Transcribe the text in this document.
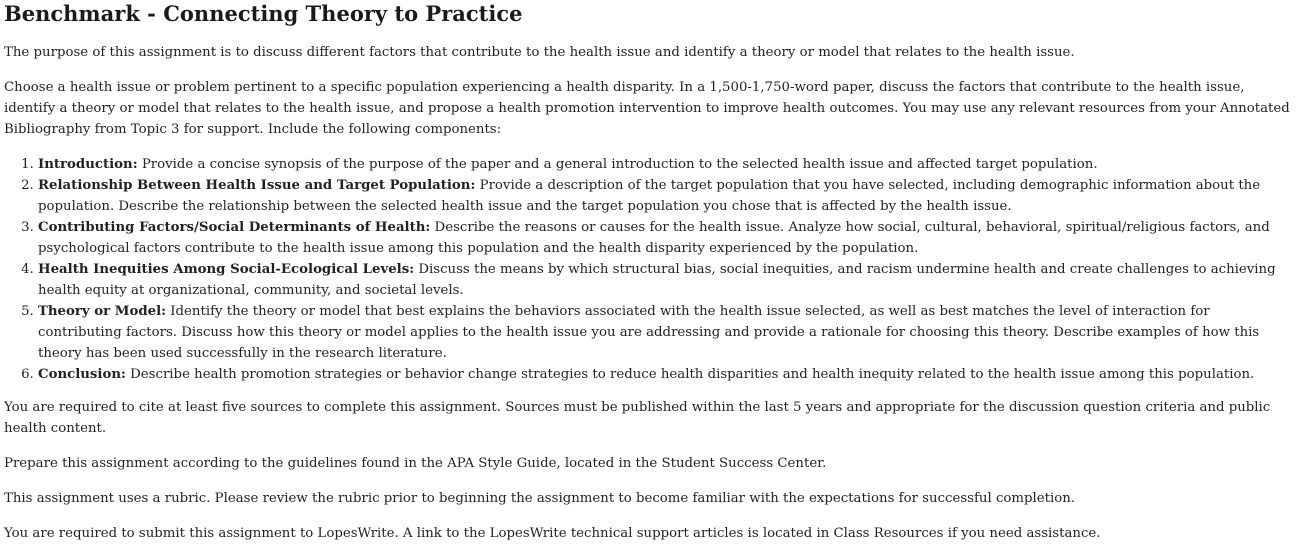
Benchmark - Connecting Theory to Practice

The purpose of this assignment is to discuss different factors that contribute to the health issue and identify a theory or model that relates to the health issue.

Choose a health issue or problem pertinent to a specific population experiencing a health disparity. In a 1,500-1,750-word paper, discuss the factors that contribute to the health issue, identify a theory or model that relates to the health issue, and propose a health promotion intervention to improve health outcomes. You may use any relevant resources from your Annotated Bibliography from Topic 3 for support. Include the following components:

1. Introduction: Provide a concise synopsis of the purpose of the paper and a general introduction to the selected health issue and affected target population.
2. Relationship Between Health Issue and Target Population: Provide a description of the target population that you have selected, including demographic information about the population. Describe the relationship between the selected health issue and the target population you chose that is affected by the health issue.
3. Contributing Factors/Social Determinants of Health: Describe the reasons or causes for the health issue. Analyze how social, cultural, behavioral, spiritual/religious factors, and psychological factors contribute to the health issue among this population and the health disparity experienced by the population.
4. Health Inequities Among Social-Ecological Levels: Discuss the means by which structural bias, social inequities, and racism undermine health and create challenges to achieving health equity at organizational, community, and societal levels.
5. Theory or Model: Identify the theory or model that best explains the behaviors associated with the health issue selected, as well as best matches the level of interaction for contributing factors. Discuss how this theory or model applies to the health issue you are addressing and provide a rationale for choosing this theory. Describe examples of how this theory has been used successfully in the research literature.
6. Conclusion: Describe health promotion strategies or behavior change strategies to reduce health disparities and health inequity related to the health issue among this population.

You are required to cite at least five sources to complete this assignment. Sources must be published within the last 5 years and appropriate for the discussion question criteria and public health content.

Prepare this assignment according to the guidelines found in the APA Style Guide, located in the Student Success Center.

This assignment uses a rubric. Please review the rubric prior to beginning the assignment to become familiar with the expectations for successful completion.

You are required to submit this assignment to LopesWrite. A link to the LopesWrite technical support articles is located in Class Resources if you need assistance.
